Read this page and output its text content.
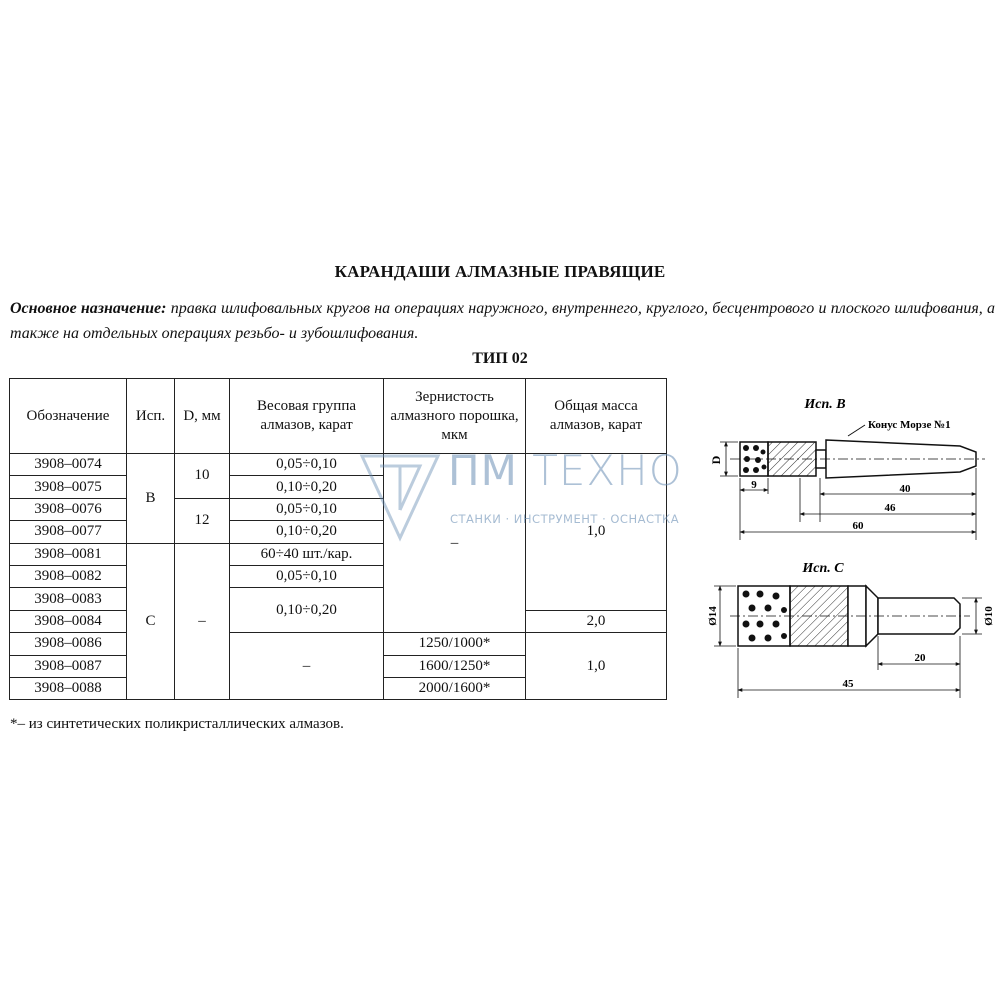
КАРАНДАШИ АЛМАЗНЫЕ ПРАВЯЩИЕ
Основное назначение: правка шлифовальных кругов на операциях наружного, внутреннего, круглого, бесцентрового и плоского шлифования, а также на отдельных операциях резьбо- и зубошлифования.
ТИП 02
Обозначение	Исп.	D, мм	Весовая группа алмазов, карат	Зернистость алмазного порошка, мкм	Общая масса алмазов, карат
3908–0074	В	10	0,05÷0,10	–	1,0
3908–0075			0,10÷0,20		
3908–0076		12	0,05÷0,10		
3908–0077			0,10÷0,20		
3908–0081	С	–	60÷40 шт./кар.		
3908–0082			0,05÷0,10		
3908–0083			0,10÷0,20		
3908–0084					2,0
3908–0086			–	1250/1000*	1,0
3908–0087				1600/1250*	
3908–0088				2000/1600*	
*– из синтетических поликристаллических алмазов.
ПМ ТЕХНО
СТАНКИ · ИНСТРУМЕНТ · ОСНАСТКА
Исп. В
Конус Морзе №1
D
9	40
46
60
Исп. С
Ø14	Ø10
20
45
